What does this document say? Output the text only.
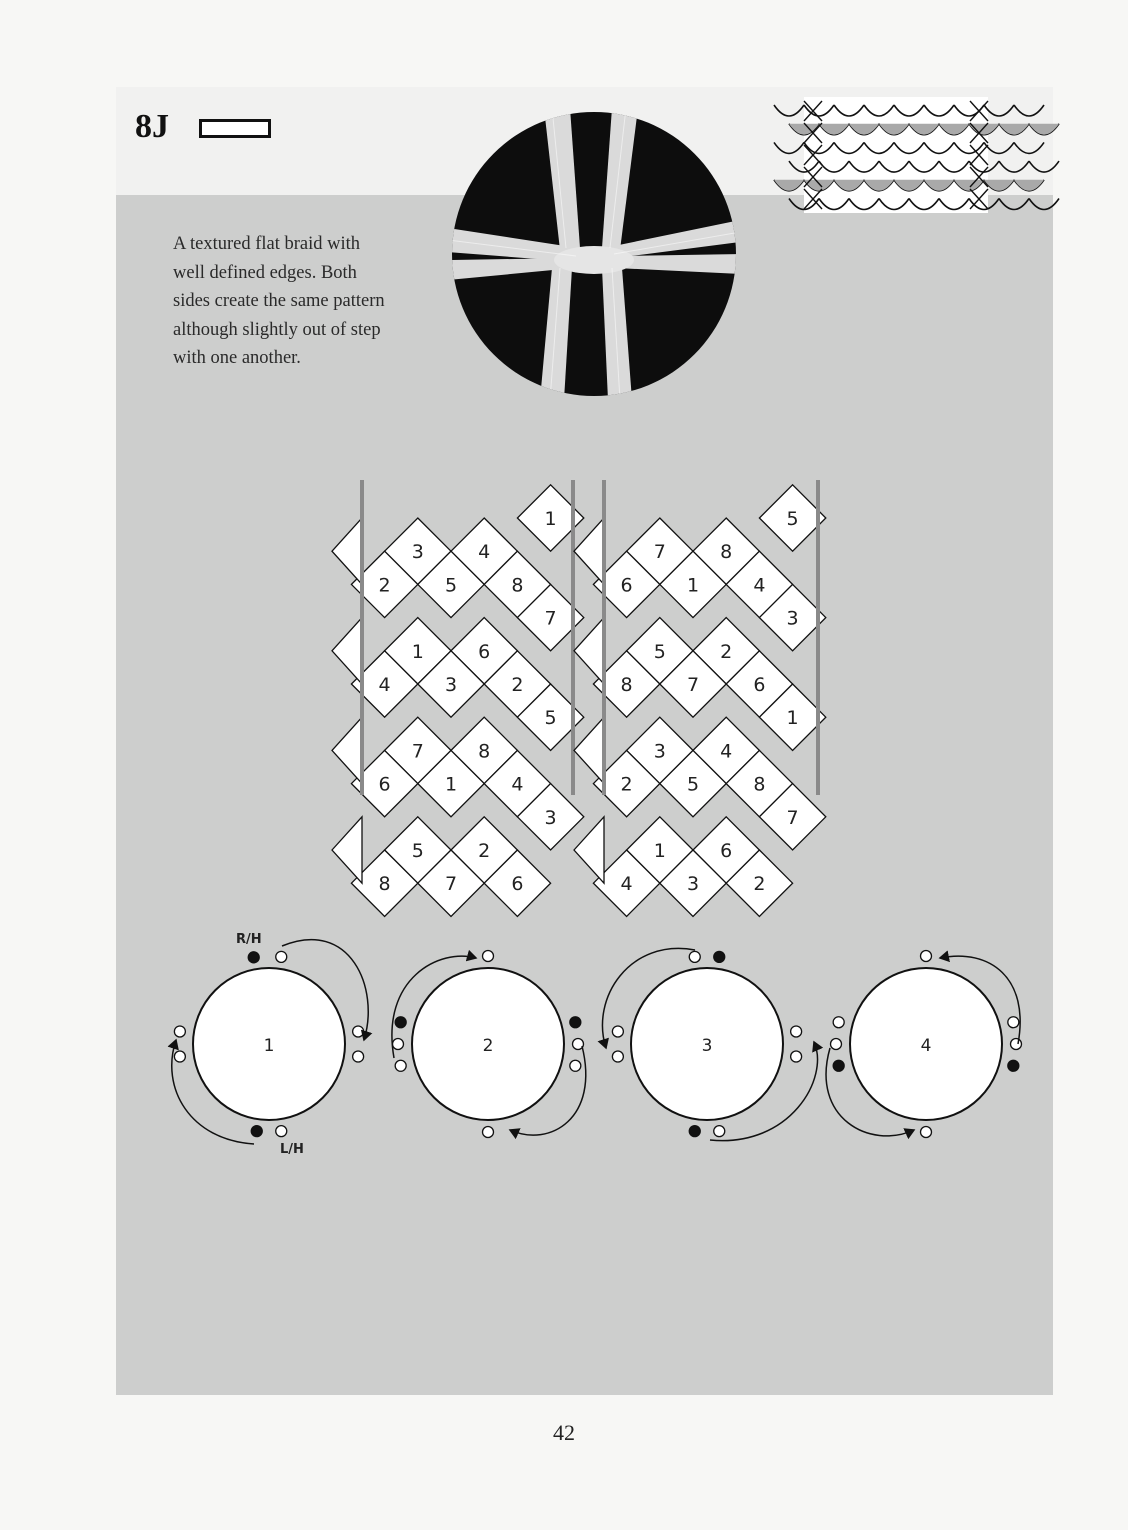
8J
A textured flat braid with
well defined edges. Both
sides create the same pattern
although slightly out of step
with one another.
1
3	4
2	5	8
7
1	6
4	3	2
5
7	8
6	1	4
3
5	2
8	7	6
5
7	8
6	1	4
3
5	2
8	7	6
1
3	4
2	5	8
7
1	6
4	3	2
1	2	3	4
R/H
L/H
42
